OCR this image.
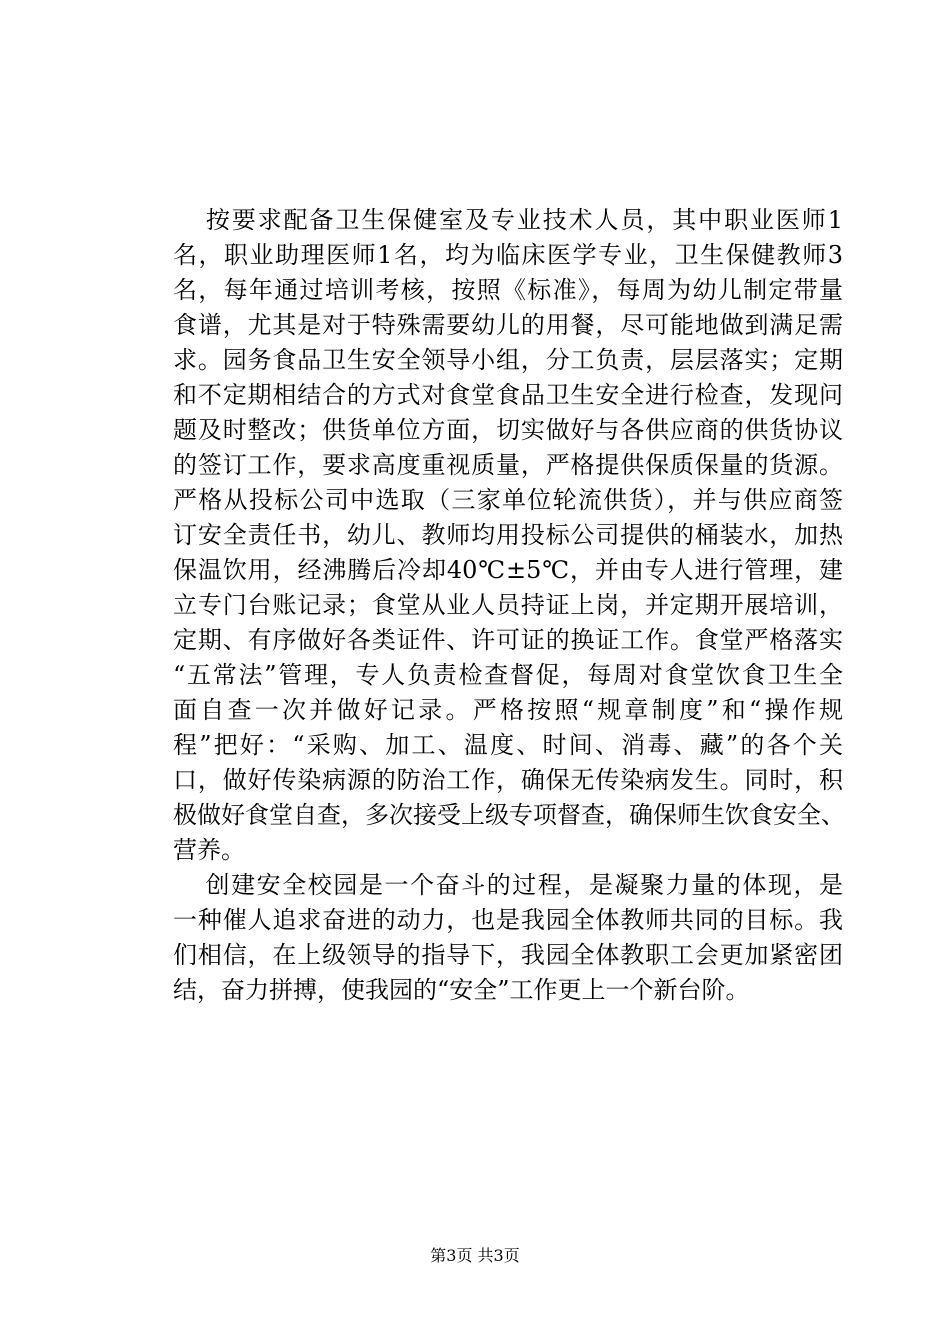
　按要求配备卫生保健室及专业技术人员，其中职业医师1
名，职业助理医师1名，均为临床医学专业，卫生保健教师3
名，每年通过培训考核，按照《标准》，每周为幼儿制定带量
食谱，尤其是对于特殊需要幼儿的用餐，尽可能地做到满足需
求。园务食品卫生安全领导小组，分工负责，层层落实；定期
和不定期相结合的方式对食堂食品卫生安全进行检查，发现问
题及时整改；供货单位方面，切实做好与各供应商的供货协议
的签订工作，要求高度重视质量，严格提供保质保量的货源。
严格从投标公司中选取（三家单位轮流供货），并与供应商签
订安全责任书，幼儿、教师均用投标公司提供的桶装水，加热
保温饮用，经沸腾后冷却40℃±5℃，并由专人进行管理，建
立专门台账记录；食堂从业人员持证上岗，并定期开展培训，
定期、有序做好各类证件、许可证的换证工作。食堂严格落实
“五常法”管理，专人负责检查督促，每周对食堂饮食卫生全
面自查一次并做好记录。严格按照“规章制度”和“操作规
程”把好：“采购、加工、温度、时间、消毒、藏”的各个关
口，做好传染病源的防治工作，确保无传染病发生。同时，积
极做好食堂自查，多次接受上级专项督查，确保师生饮食安全、
营养。
　创建安全校园是一个奋斗的过程，是凝聚力量的体现，是
一种催人追求奋进的动力，也是我园全体教师共同的目标。我
们相信，在上级领导的指导下，我园全体教职工会更加紧密团
结，奋力拼搏，使我园的“安全”工作更上一个新台阶。
第3页 共3页
